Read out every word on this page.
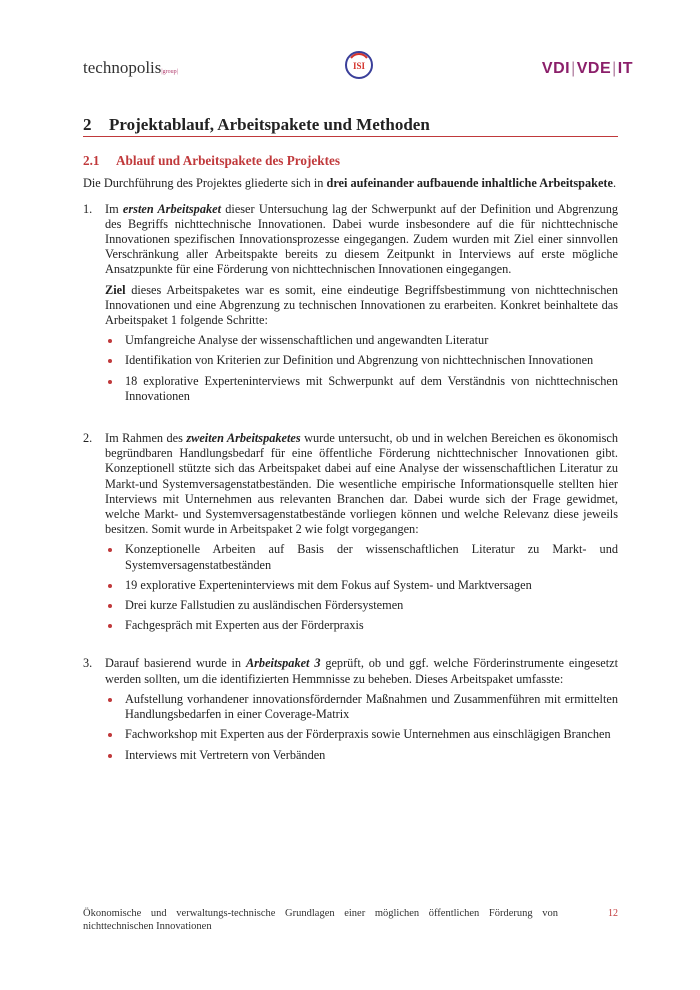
technopolis|group|
ISI	VDI|VDE|IT
2	Projektablauf, Arbeitspakete und Methoden
2.1	Ablauf und Arbeitspakete des Projektes

Die Durchführung des Projektes gliederte sich in drei aufeinander aufbauende inhaltliche Arbeitspakete.

1. Im ersten Arbeitspaket dieser Untersuchung lag der Schwerpunkt auf der Definition und Abgrenzung des Begriffs nichttechnische Innovationen. Dabei wurde insbesondere auf die für nichttechnische Innovationen spezifischen Innovationsprozesse eingegangen. Zudem wurden mit Ziel einer sinnvollen Verschränkung aller Arbeitspakte bereits zu diesem Zeitpunkt in Interviews auf erste mögliche Ansatzpunkte für eine Förderung von nichttechnischen Innovationen eingegangen.

Ziel dieses Arbeitspaketes war es somit, eine eindeutige Begriffsbestimmung von nichttechnischen Innovationen und eine Abgrenzung zu technischen Innovationen zu erarbeiten. Konkret beinhaltete das Arbeitspaket 1 folgende Schritte:

Umfangreiche Analyse der wissenschaftlichen und angewandten Literatur
Identifikation von Kriterien zur Definition und Abgrenzung von nichttechnischen Innovationen
18 explorative Experteninterviews mit Schwerpunkt auf dem Verständnis von nichttechnischen Innovationen
2. Im Rahmen des zweiten Arbeitspaketes wurde untersucht, ob und in welchen Bereichen es ökonomisch begründbaren Handlungsbedarf für eine öffentliche Förderung nichttechnischer Innovationen gibt. Konzeptionell stützte sich das Arbeitspaket dabei auf eine Analyse der wissenschaftlichen Literatur zu Markt-und Systemversagenstatbeständen. Die wesentliche empirische Informationsquelle stellten hier Interviews mit Unternehmen aus relevanten Branchen dar. Dabei wurde sich der Frage gewidmet, welche Markt- und Systemversagenstatbestände vorliegen können und welche Relevanz diese jeweils besitzen. Somit wurde in Arbeitspaket 2 wie folgt vorgegangen:

Konzeptionelle Arbeiten auf Basis der wissenschaftlichen Literatur zu Markt- und Systemversagenstatbeständen
19 explorative Experteninterviews mit dem Fokus auf System- und Marktversagen
Drei kurze Fallstudien zu ausländischen Fördersystemen
Fachgespräch mit Experten aus der Förderpraxis
3. Darauf basierend wurde in Arbeitspaket 3 geprüft, ob und ggf. welche Förderinstrumente eingesetzt werden sollten, um die identifizierten Hemmnisse zu beheben. Dieses Arbeitspaket umfasste:

Aufstellung vorhandener innovationsfördernder Maßnahmen und Zusammenführen mit ermittelten Handlungsbedarfen in einer Coverage-Matrix
Fachworkshop mit Experten aus der Förderpraxis sowie Unternehmen aus einschlägigen Branchen
Interviews mit Vertretern von Verbänden
Ökonomische und verwaltungs-technische Grundlagen einer möglichen öffentlichen Förderung von nichttechnischen Innovationen
12
